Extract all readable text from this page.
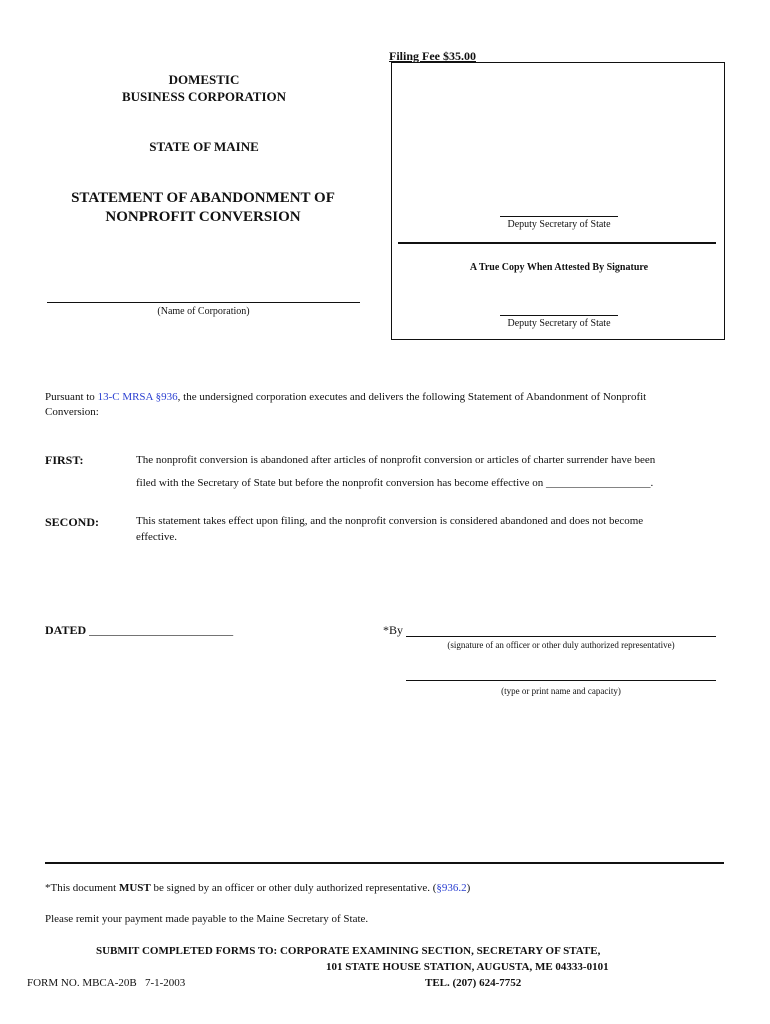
Filing Fee $35.00
Deputy Secretary of State
A True Copy When Attested By Signature
Deputy Secretary of State
DOMESTIC
BUSINESS CORPORATION
STATE OF MAINE
STATEMENT OF ABANDONMENT OF
NONPROFIT CONVERSION
(Name of Corporation)
Pursuant to 13-C MRSA §936, the undersigned corporation executes and delivers the following Statement of Abandonment of Nonprofit
Conversion:
FIRST:	The nonprofit conversion is abandoned after articles of nonprofit conversion or articles of charter surrender have been
filed with the Secretary of State but before the nonprofit conversion has become effective on ___________________.
SECOND:	This statement takes effect upon filing, and the nonprofit conversion is considered abandoned and does not become
effective.
DATED ________________________	*By
(signature of an officer or other duly authorized representative)
(type or print name and capacity)
*This document MUST be signed by an officer or other duly authorized representative. (§936.2)
Please remit your payment made payable to the Maine Secretary of State.
SUBMIT COMPLETED FORMS TO: CORPORATE EXAMINING SECTION, SECRETARY OF STATE,
101 STATE HOUSE STATION, AUGUSTA, ME 04333-0101
TEL. (207) 624-7752
FORM NO. MBCA-20B   7-1-2003
